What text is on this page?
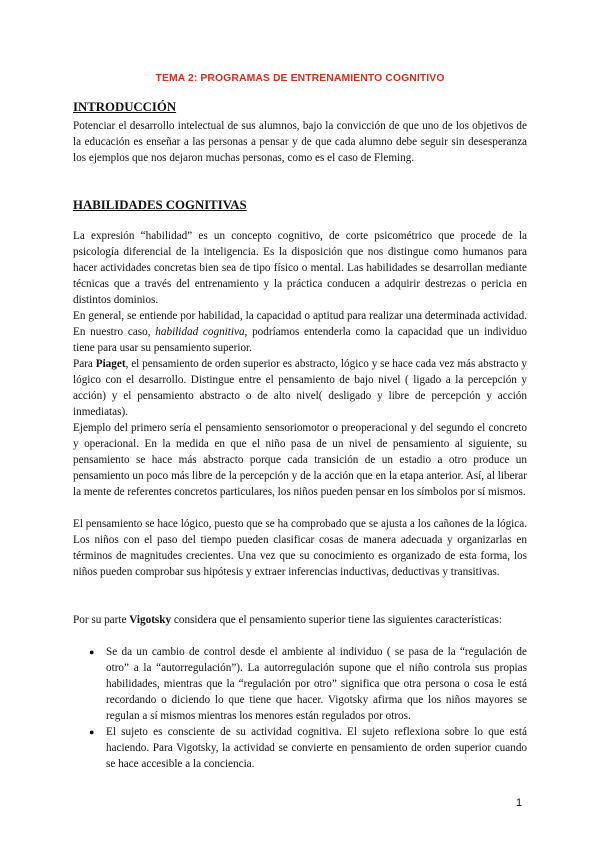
TEMA 2: PROGRAMAS DE ENTRENAMIENTO COGNITIVO
INTRODUCCIÓN

Potenciar el desarrollo intelectual de sus alumnos, bajo la convicción de que uno de los objetivos de la educación es enseñar a las personas a pensar y de que cada alumno debe seguir sin desesperanza los ejemplos que nos dejaron muchas personas, como es el caso de Fleming.

HABILIDADES COGNITIVAS

La expresión “habilidad” es un concepto cognitivo, de corte psicométrico que procede de la psicología diferencial de la inteligencia. Es la disposición que nos distingue como humanos para hacer actividades concretas bien sea de tipo físico o mental. Las habilidades se desarrollan mediante técnicas que a través del entrenamiento y la práctica conducen a adquirir destrezas o pericia en distintos dominios.

En general, se entiende por habilidad, la capacidad o aptitud para realizar una determinada actividad. En nuestro caso, habilidad cognitiva, podríamos entenderla como la capacidad que un individuo tiene para usar su pensamiento superior.

Para Piaget, el pensamiento de orden superior es abstracto, lógico y se hace cada vez más abstracto y lógico con el desarrollo. Distingue entre el pensamiento de bajo nivel ( ligado a la percepción y acción) y el pensamiento abstracto o de alto nivel( desligado y libre de percepción y acción inmediatas).

Ejemplo del primero sería el pensamiento sensoriomotor o preoperacional y del segundo el concreto y operacional. En la medida en que el niño pasa de un nivel de pensamiento al siguiente, su pensamiento se hace más abstracto porque cada transición de un estadio a otro produce un pensamiento un poco más libre de la percepción y de la acción que en la etapa anterior. Así, al liberar la mente de referentes concretos particulares, los niños pueden pensar en los símbolos por sí mismos.

El pensamiento se hace lógico, puesto que se ha comprobado que se ajusta a los cañones de la lógica. Los niños con el paso del tiempo pueden clasificar cosas de manera adecuada y organizarlas en términos de magnitudes crecientes. Una vez que su conocimiento es organizado de esta forma, los niños pueden comprobar sus hipótesis y extraer inferencias inductivas, deductivas y transitivas.

Por su parte Vigotsky considera que el pensamiento superior tiene las siguientes características:

● Se da un cambio de control desde el ambiente al individuo ( se pasa de la “regulación de otro” a la “autorregulación”). La autorregulación supone que el niño controla sus propias habilidades, mientras que la “regulación por otro” significa que otra persona o cosa le está recordando o diciendo lo que tiene que hacer. Vigotsky afirma que los niños mayores se regulan a sí mismos mientras los menores están regulados por otros.
● El sujeto es consciente de su actividad cognitiva. El sujeto reflexiona sobre lo que está haciendo. Para Vigotsky, la actividad se convierte en pensamiento de orden superior cuando se hace accesible a la conciencia.
1
